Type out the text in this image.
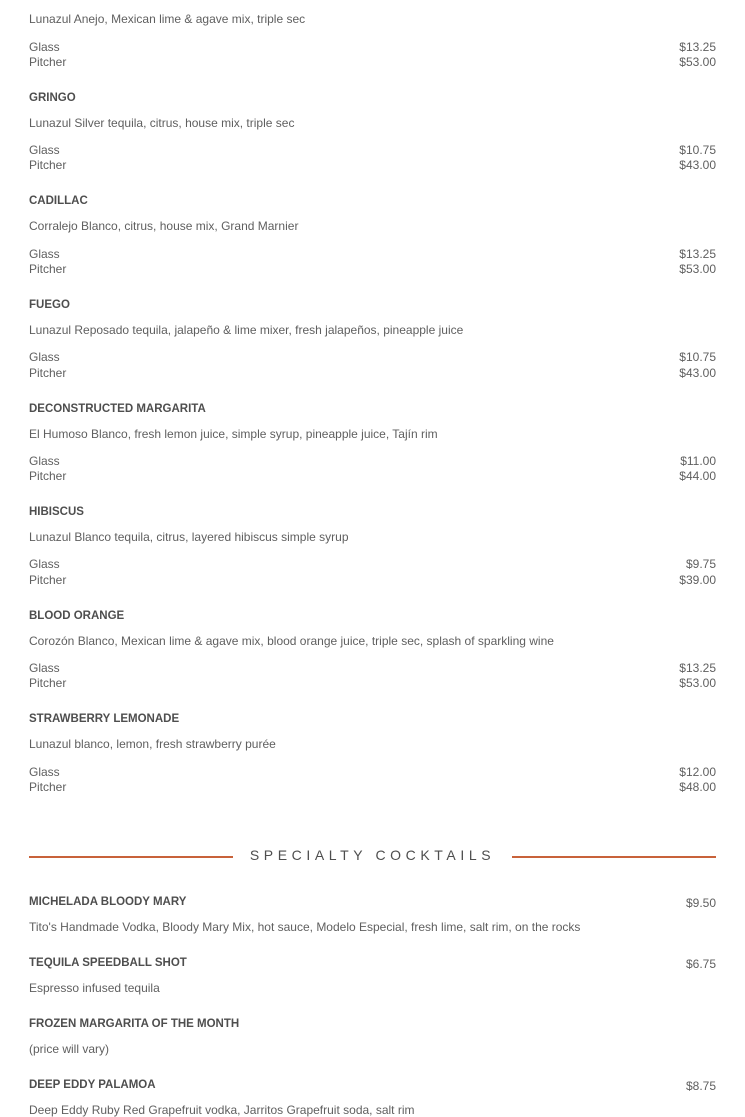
Lunazul Anejo, Mexican lime & agave mix, triple sec
Glass	$13.25
Pitcher	$53.00
GRINGO
Lunazul Silver tequila, citrus, house mix, triple sec
Glass	$10.75
Pitcher	$43.00
CADILLAC
Corralejo Blanco, citrus, house mix, Grand Marnier
Glass	$13.25
Pitcher	$53.00
FUEGO
Lunazul Reposado tequila, jalapeño & lime mixer, fresh jalapeños, pineapple juice
Glass	$10.75
Pitcher	$43.00
DECONSTRUCTED MARGARITA
El Humoso Blanco, fresh lemon juice, simple syrup, pineapple juice, Tajín rim
Glass	$11.00
Pitcher	$44.00
HIBISCUS
Lunazul Blanco tequila, citrus, layered hibiscus simple syrup
Glass	$9.75
Pitcher	$39.00
BLOOD ORANGE
Corozón Blanco, Mexican lime & agave mix, blood orange juice, triple sec, splash of sparkling wine
Glass	$13.25
Pitcher	$53.00
STRAWBERRY LEMONADE
Lunazul blanco, lemon, fresh strawberry purée
Glass	$12.00
Pitcher	$48.00
SPECIALTY COCKTAILS
MICHELADA BLOODY MARY	$9.50
Tito's Handmade Vodka, Bloody Mary Mix, hot sauce, Modelo Especial, fresh lime, salt rim, on the rocks
TEQUILA SPEEDBALL SHOT	$6.75
Espresso infused tequila
FROZEN MARGARITA OF THE MONTH
(price will vary)
DEEP EDDY PALAMOA	$8.75
Deep Eddy Ruby Red Grapefruit vodka, Jarritos Grapefruit soda, salt rim
